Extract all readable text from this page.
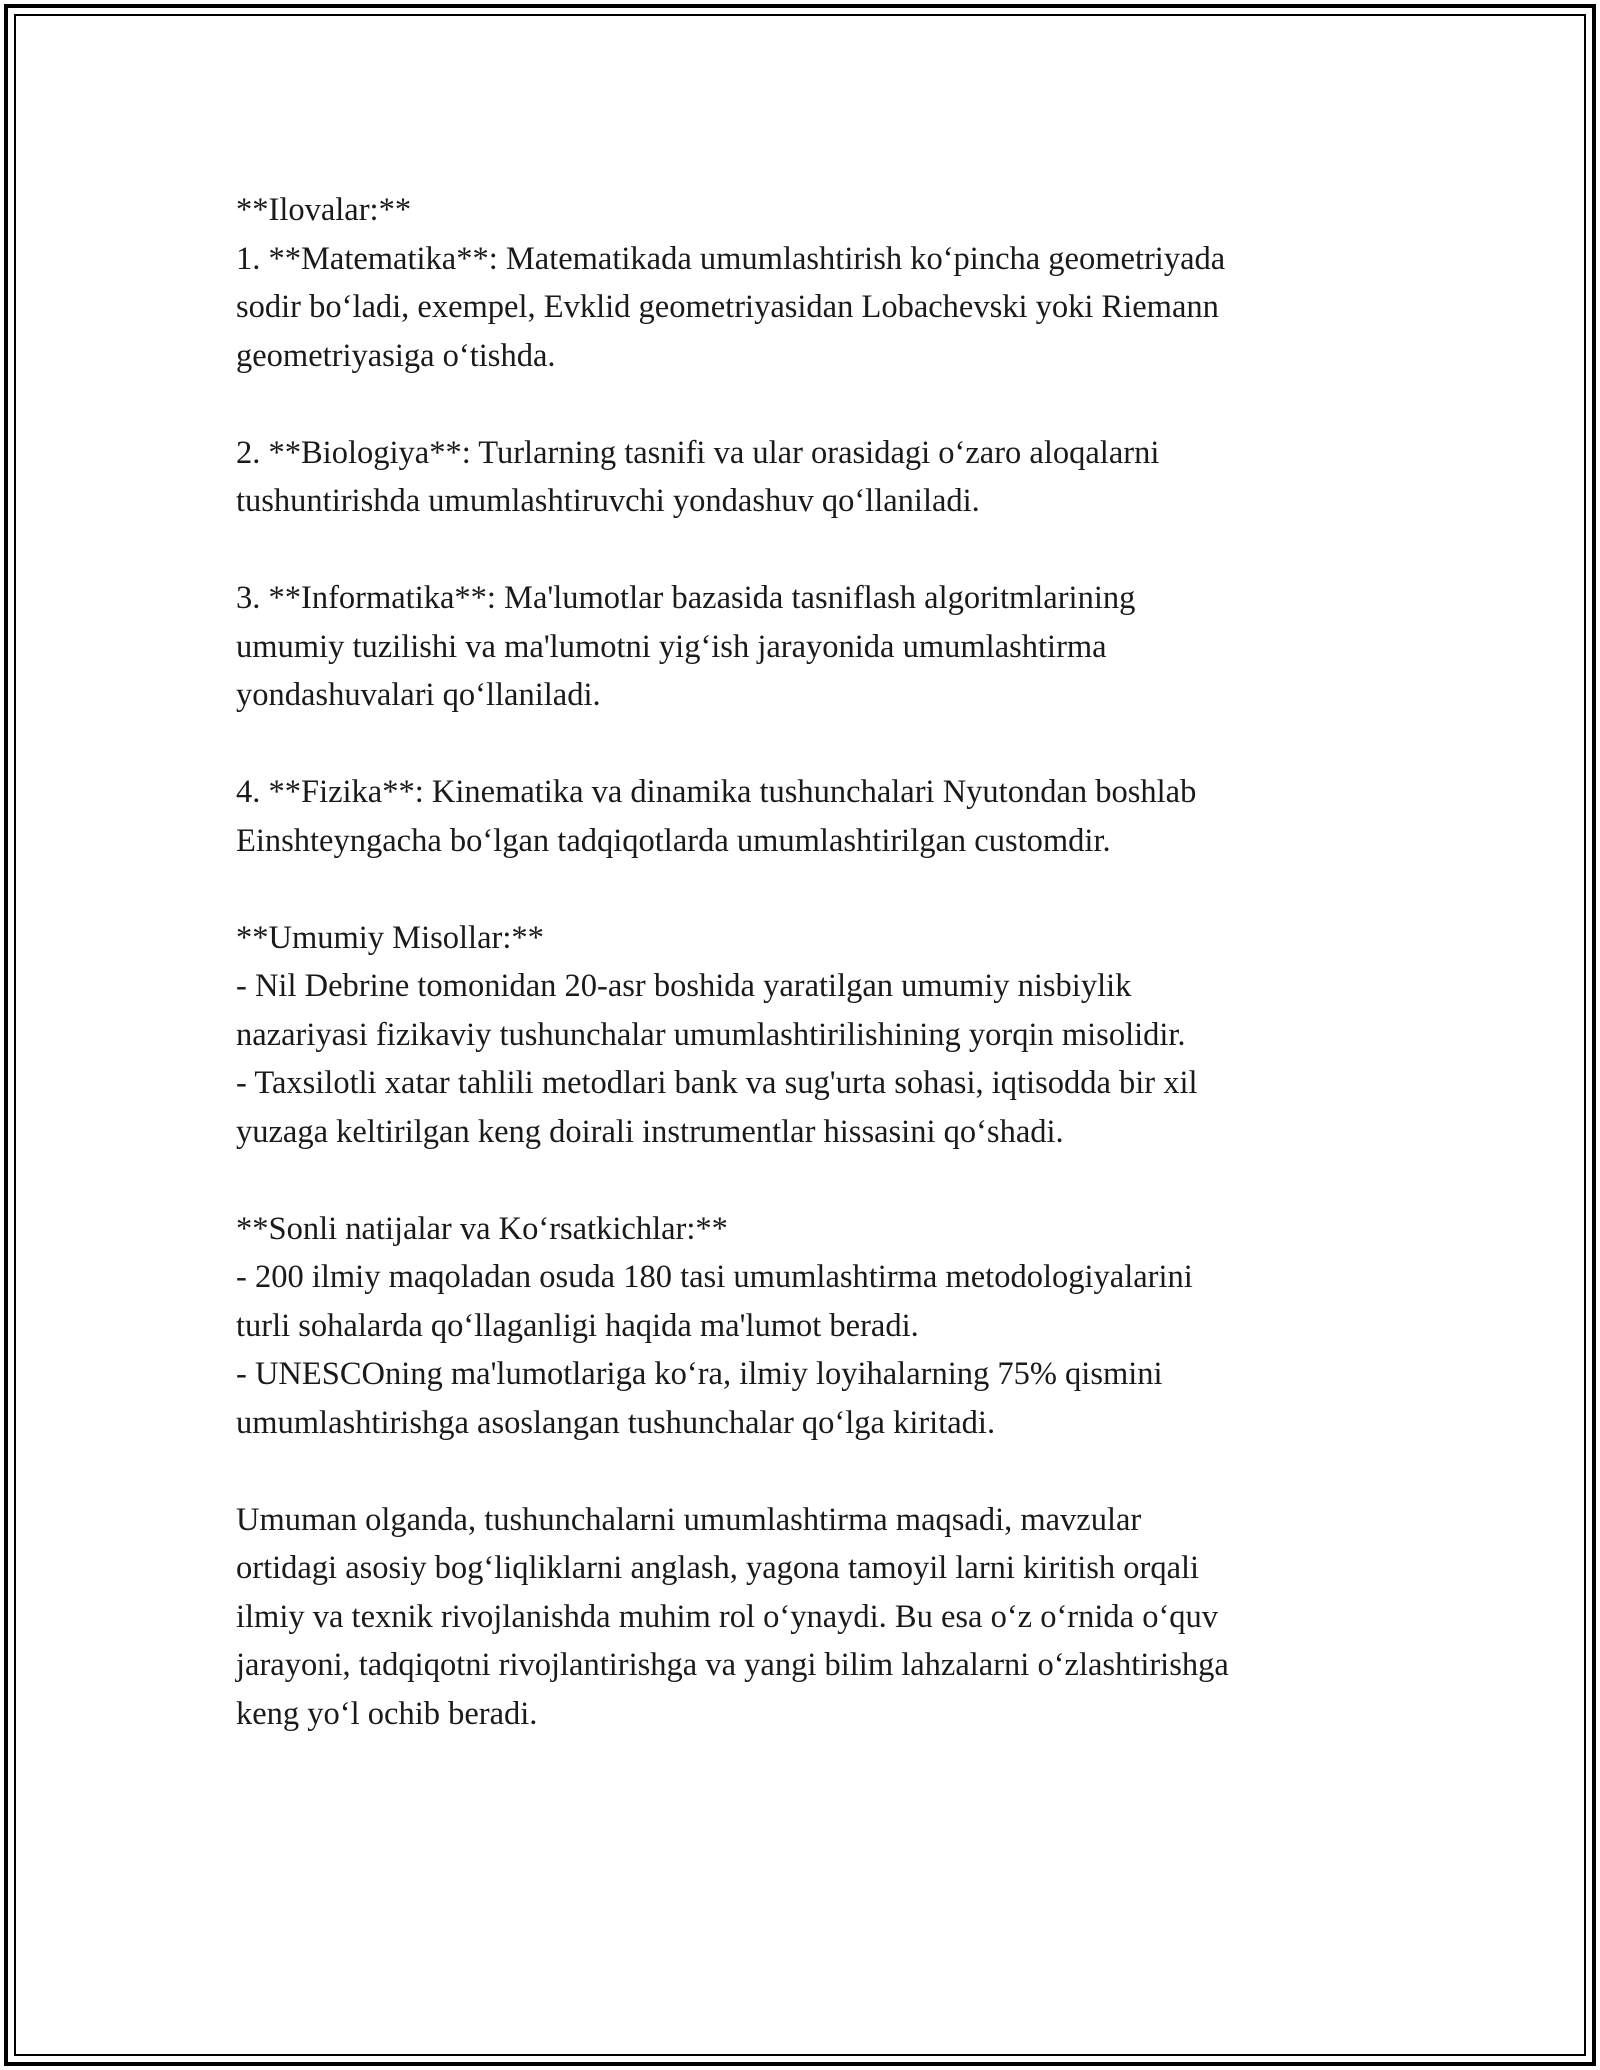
**Ilovalar:**
1. **Matematika**: Matematikada umumlashtirish ko‘pincha geometriyada
sodir bo‘ladi, exempel, Evklid geometriyasidan Lobachevski yoki Riemann
geometriyasiga o‘tishda.

2. **Biologiya**: Turlarning tasnifi va ular orasidagi o‘zaro aloqalarni
tushuntirishda umumlashtiruvchi yondashuv qo‘llaniladi.

3. **Informatika**: Ma'lumotlar bazasida tasniflash algoritmlarining
umumiy tuzilishi va ma'lumotni yig‘ish jarayonida umumlashtirma
yondashuvalari qo‘llaniladi.

4. **Fizika**: Kinematika va dinamika tushunchalari Nyutondan boshlab
Einshteyngacha bo‘lgan tadqiqotlarda umumlashtirilgan customdir.

**Umumiy Misollar:**
- Nil Debrine tomonidan 20-asr boshida yaratilgan umumiy nisbiylik
nazariyasi fizikaviy tushunchalar umumlashtirilishining yorqin misolidir.
- Taxsilotli xatar tahlili metodlari bank va sug'urta sohasi, iqtisodda bir xil
yuzaga keltirilgan keng doirali instrumentlar hissasini qo‘shadi.

**Sonli natijalar va Ko‘rsatkichlar:**
- 200 ilmiy maqoladan osuda 180 tasi umumlashtirma metodologiyalarini
turli sohalarda qo‘llaganligi haqida ma'lumot beradi.
- UNESCOning ma'lumotlariga ko‘ra, ilmiy loyihalarning 75% qismini
umumlashtirishga asoslangan tushunchalar qo‘lga kiritadi.

Umuman olganda, tushunchalarni umumlashtirma maqsadi, mavzular
ortidagi asosiy bog‘liqliklarni anglash, yagona tamoyil larni kiritish orqali
ilmiy va texnik rivojlanishda muhim rol o‘ynaydi. Bu esa o‘z o‘rnida o‘quv
jarayoni, tadqiqotni rivojlantirishga va yangi bilim lahzalarni o‘zlashtirishga
keng yo‘l ochib beradi.
